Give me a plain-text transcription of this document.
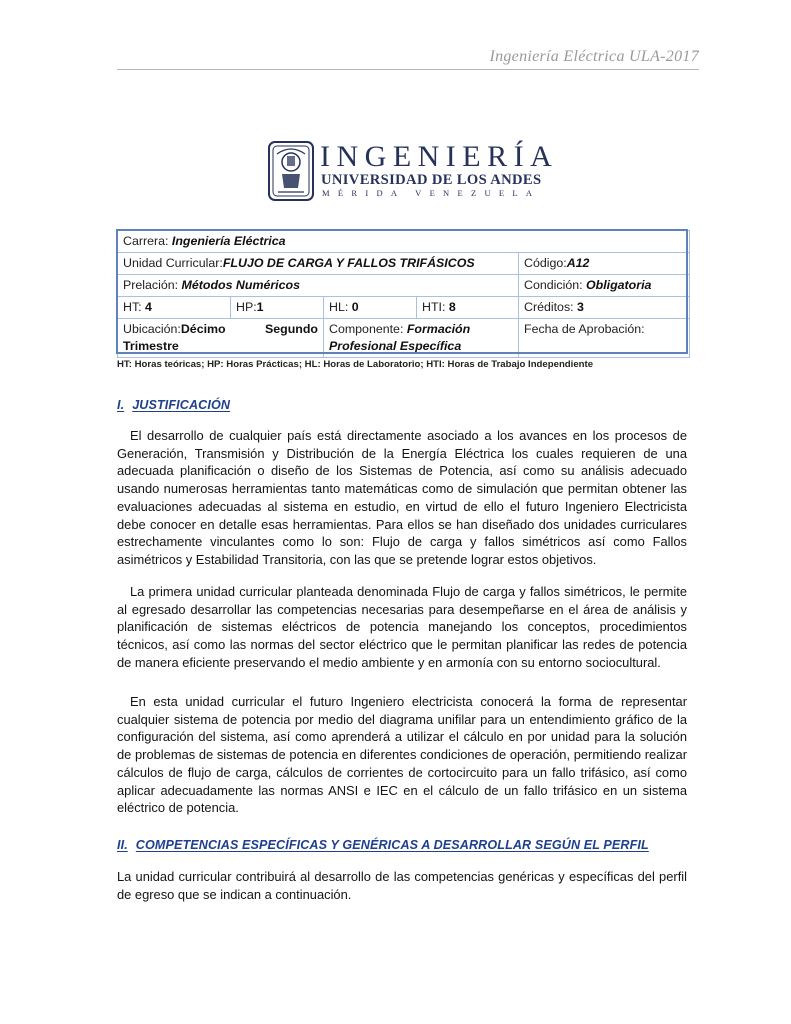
Ingeniería Eléctrica ULA-2017
INGENIERÍA
UNIVERSIDAD DE LOS ANDES
MÉRIDA VENEZUELA
Carrera: Ingeniería Eléctrica				
Unidad Curricular:FLUJO DE CARGA Y FALLOS TRIFÁSICOS				Código:A12
Prelación: Métodos Numéricos				Condición: Obligatoria
HT: 4	HP:1	HL: 0	HTI: 8	Créditos: 3
Ubicación:Décimo Segundo Trimestre		Componente: Formación Profesional Específica		Fecha de Aprobación:
HT: Horas teóricas; HP: Horas Prácticas; HL: Horas de Laboratorio; HTI: Horas de Trabajo Independiente
I. JUSTIFICACIÓN
El desarrollo de cualquier país está directamente asociado a los avances en los procesos de Generación, Transmisión y Distribución de la Energía Eléctrica los cuales requieren de una adecuada planificación o diseño de los Sistemas de Potencia, así como su análisis adecuado usando numerosas herramientas tanto matemáticas como de simulación que permitan obtener las evaluaciones adecuadas al sistema en estudio, en virtud de ello el futuro Ingeniero Electricista debe conocer en detalle esas herramientas. Para ellos se han diseñado dos unidades curriculares estrechamente vinculantes como lo son: Flujo de carga y fallos simétricos así como Fallos asimétricos y Estabilidad Transitoria, con las que se pretende lograr estos objetivos.
La primera unidad curricular planteada denominada Flujo de carga y fallos simétricos, le permite al egresado desarrollar las competencias necesarias para desempeñarse en el área de análisis y planificación de sistemas eléctricos de potencia manejando los conceptos, procedimientos técnicos, así como las normas del sector eléctrico que le permitan planificar las redes de potencia de manera eficiente preservando el medio ambiente y en armonía con su entorno sociocultural.
En esta unidad curricular el futuro Ingeniero electricista conocerá la forma de representar cualquier sistema de potencia por medio del diagrama unifilar para un entendimiento gráfico de la configuración del sistema, así como aprenderá a utilizar el cálculo en por unidad para la solución de problemas de sistemas de potencia en diferentes condiciones de operación, permitiendo realizar cálculos de flujo de carga, cálculos de corrientes de cortocircuito para un fallo trifásico, así como aplicar adecuadamente las normas ANSI e IEC en el cálculo de un fallo trifásico en un sistema eléctrico de potencia.
II. COMPETENCIAS ESPECÍFICAS Y GENÉRICAS A DESARROLLAR SEGÚN EL PERFIL
La unidad curricular contribuirá al desarrollo de las competencias genéricas y específicas del perfil de egreso que se indican a continuación.
